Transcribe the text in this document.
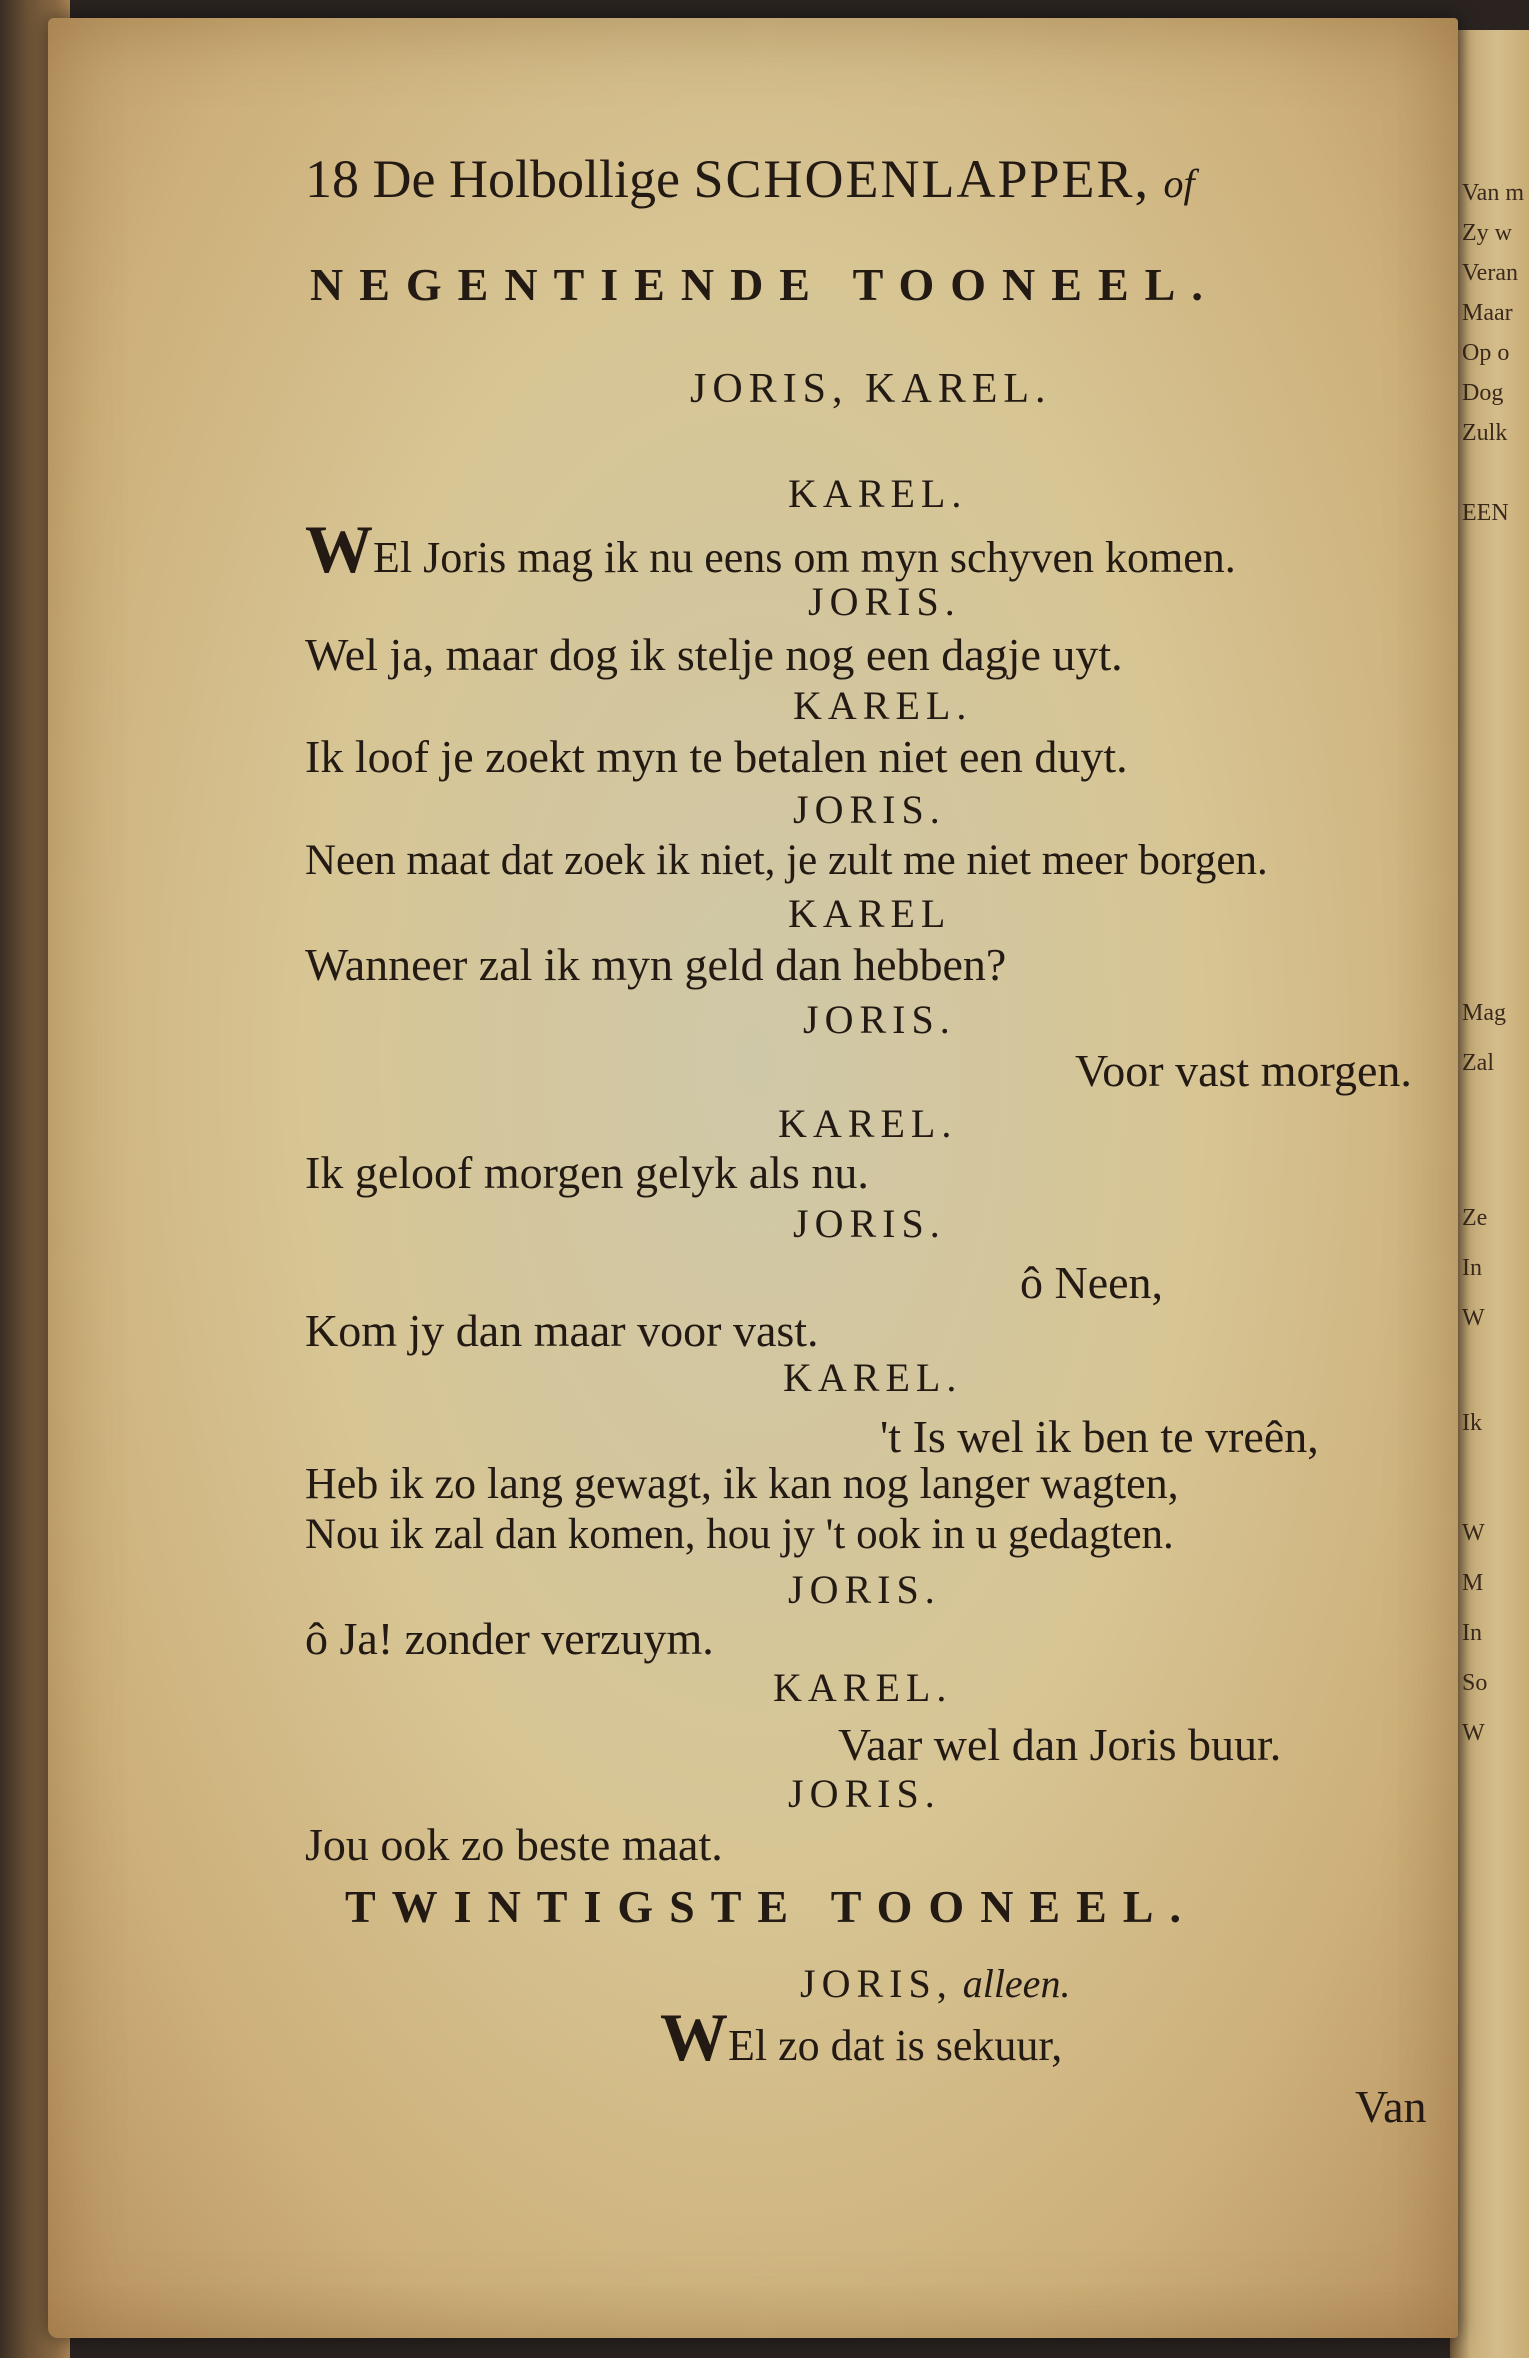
Van m
Zy w
Veran
Maar
Op o
Dog
Zulk
EEN
Mag
Zal
Ze
In
W
Ik
W
M
In
So
W
18 De Holbollige SCHOENLAPPER, of
NEGENTIENDE TOONEEL.
JORIS, KAREL.
KAREL.
WEl Joris mag ik nu eens om myn schyven komen.
JORIS.
Wel ja, maar dog ik stelje nog een dagje uyt.
KAREL.
Ik loof je zoekt myn te betalen niet een duyt.
JORIS.
Neen maat dat zoek ik niet, je zult me niet meer borgen.
KAREL
Wanneer zal ik myn geld dan hebben?
JORIS.
Voor vast morgen.
KAREL.
Ik geloof morgen gelyk als nu.
JORIS.
ô Neen,
Kom jy dan maar voor vast.
KAREL.
't Is wel ik ben te vreên,
Heb ik zo lang gewagt, ik kan nog langer wagten,
Nou ik zal dan komen, hou jy 't ook in u gedagten.
JORIS.
ô Ja! zonder verzuym.
KAREL.
Vaar wel dan Joris buur.
JORIS.
Jou ook zo beste maat.
TWINTIGSTE TOONEEL.
JORIS, alleen.
WEl zo dat is sekuur,
Van
